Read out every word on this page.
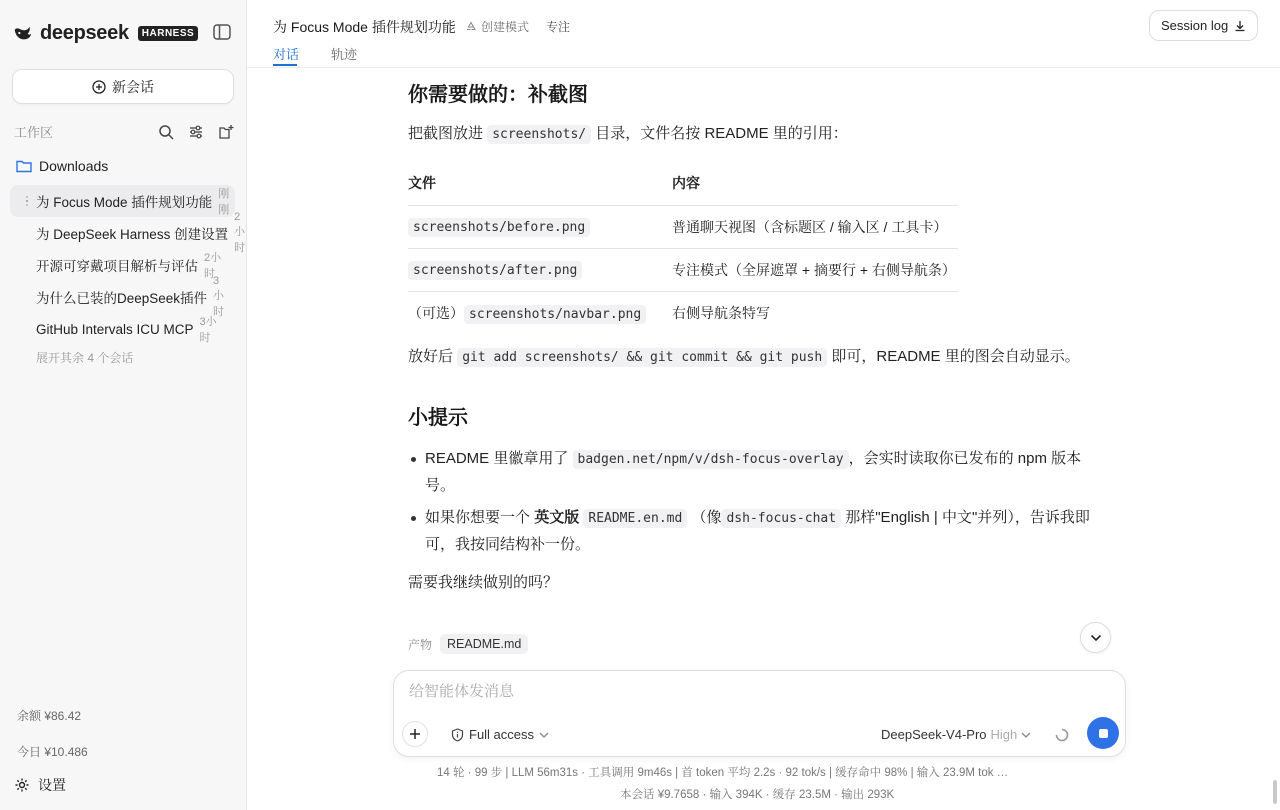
deepseek	HARNESS
新会话
工作区
Downloads
为 Focus Mode 插件规划功能
刚刚
为 DeepSeek Harness 创建设置
2小时
开源可穿戴项目解析与评估
2小时
为什么已装的DeepSeek插件
3小时
GitHub Intervals ICU MCP 3小时
展开其余 4 个会话
余额 ¥86.42
今日 ¥10.486
设置
为 Focus Mode 插件规划功能 创建模式 专注
对话 轨迹
Session log
你需要做的：补截图

把截图放进 screenshots/ 目录，文件名按 README 里的引用：

文件	内容
screenshots/before.png	普通聊天视图（含标题区 / 输入区 / 工具卡）
screenshots/after.png	专注模式（全屏遮罩 + 摘要行 + 右侧导航条）
（可选） screenshots/navbar.png	右侧导航条特写

放好后 git add screenshots/ && git commit && git push 即可，README 里的图会自动显示。

小提示
README 里徽章用了 badgen.net/npm/v/dsh-focus-overlay ，会实时读取你已发布的 npm 版本号。
如果你想要一个 英文版 README.en.md （像 dsh-focus-chat 那样"English | 中文"并列），告诉我即可，我按同结构补一份。

需要我继续做别的吗？

产物	README.md
给智能体发消息
Full access	DeepSeek-V4-Pro High
14 轮 · 99 步 | LLM 56m31s · 工具调用 9m46s | 首 token 平均 2.2s · 92 tok/s | 缓存命中 98% | 输入 23.9M tok …
本会话 ¥9.7658 · 输入 394K · 缓存 23.5M · 输出 293K
